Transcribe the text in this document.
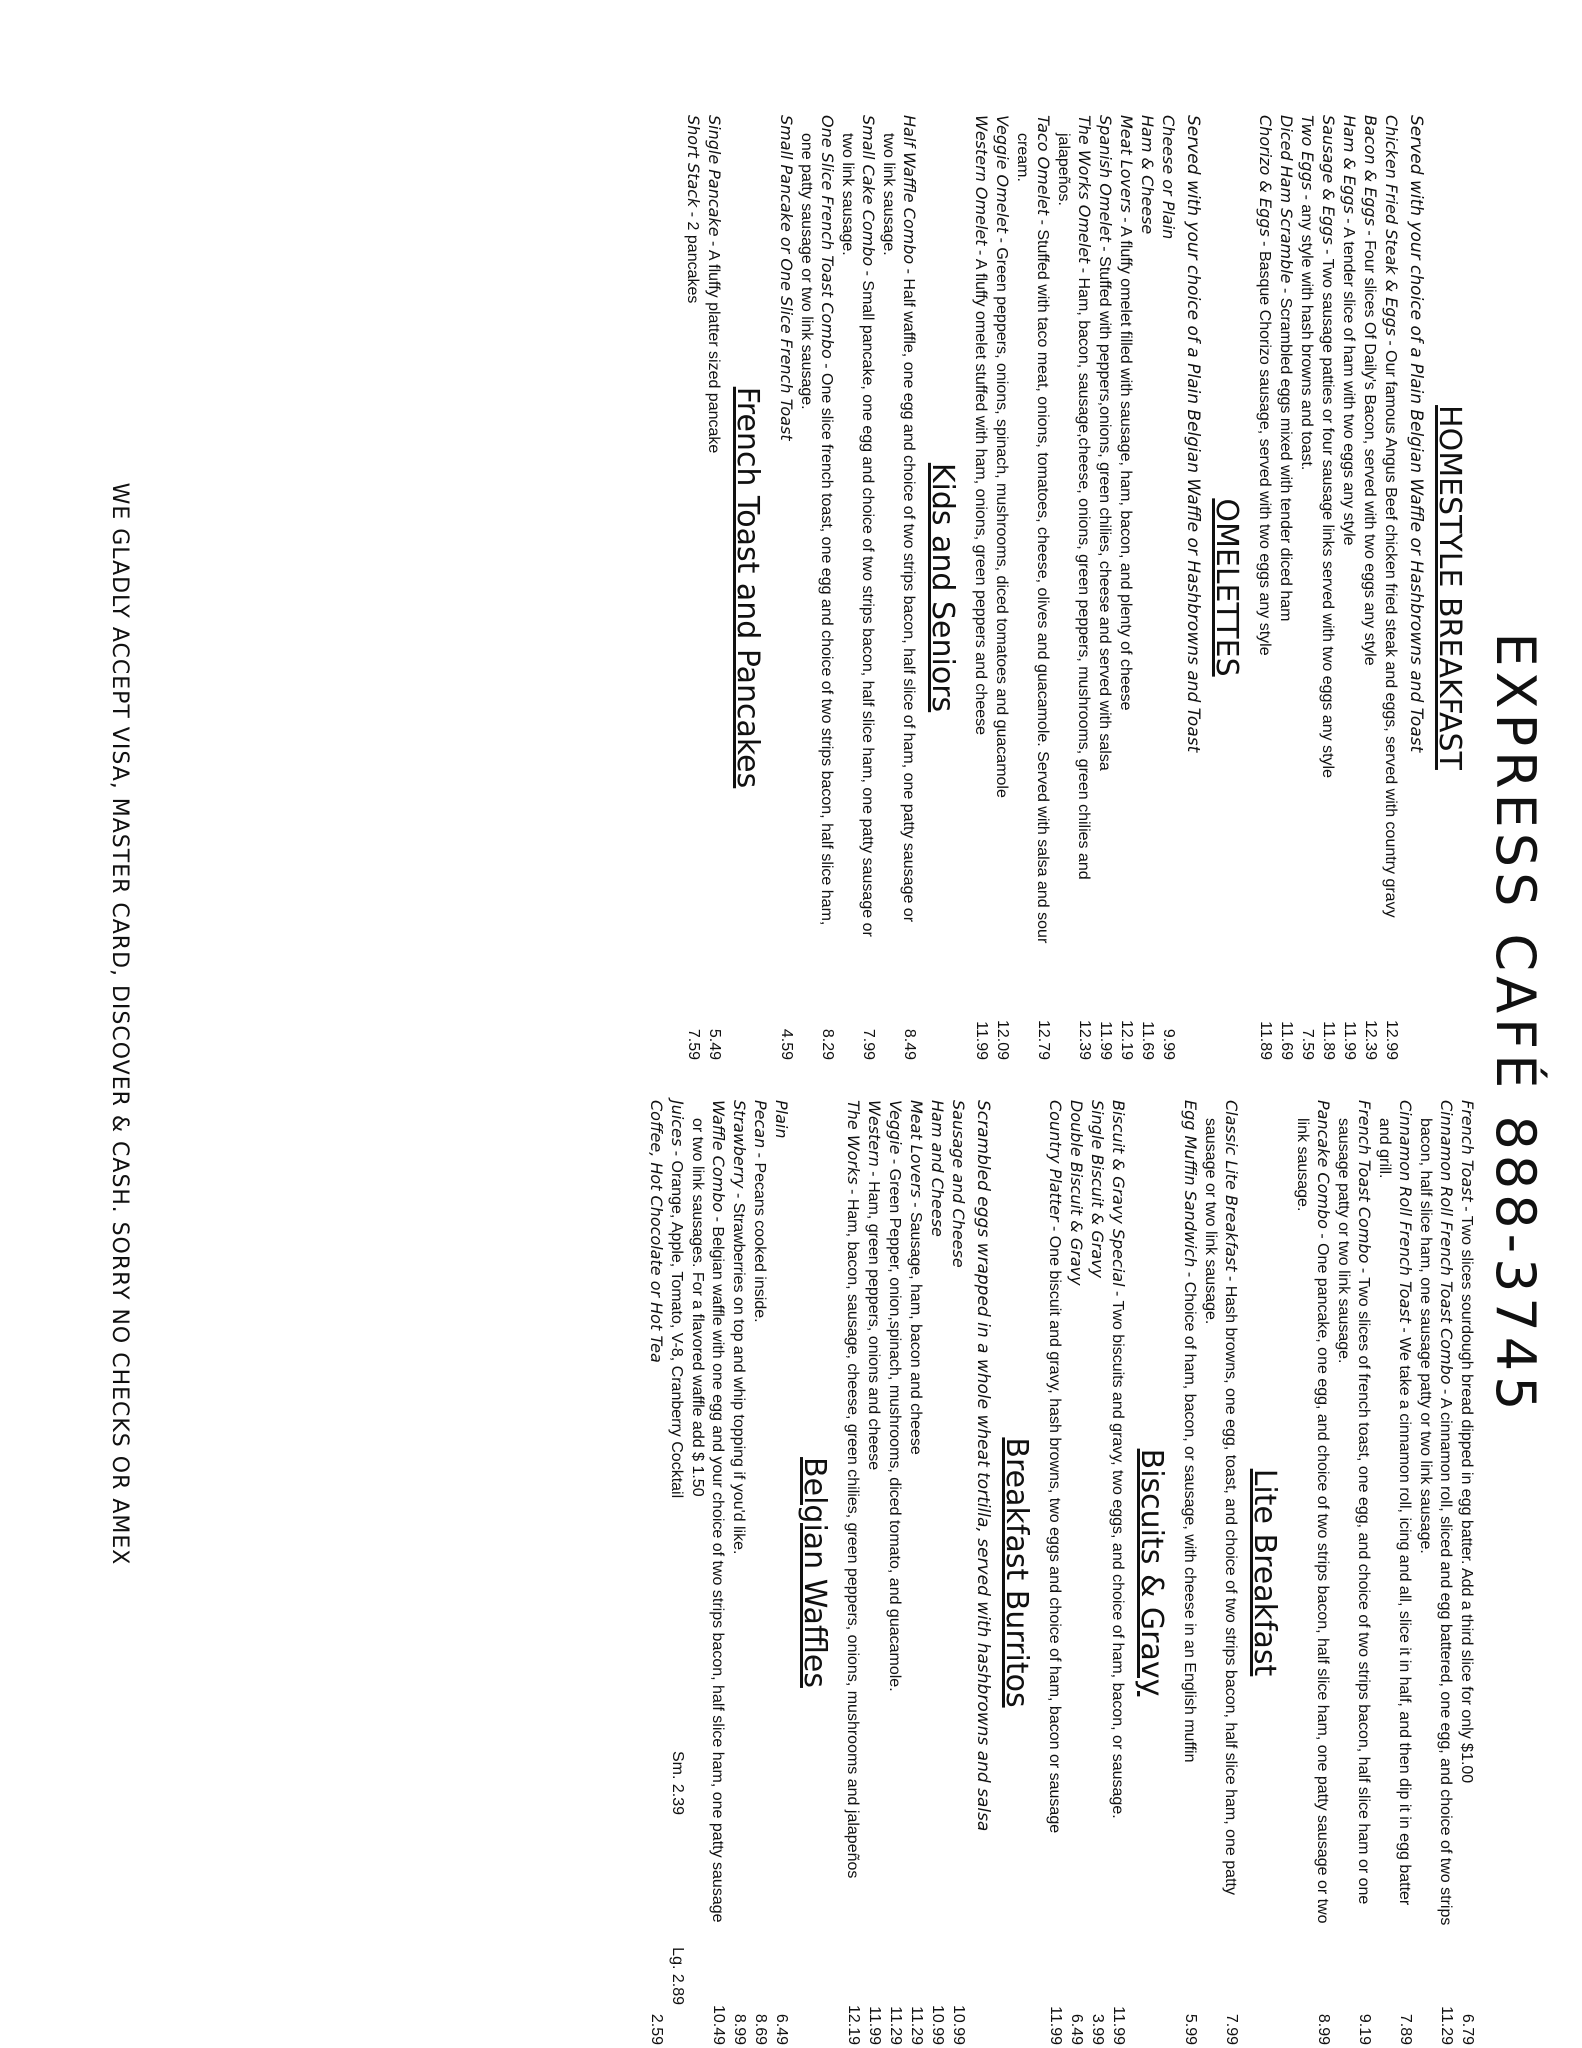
EXPRESS CAFÉ 888-3745
HOMESTYLE BREAKFAST
Served with your choice of a Plain Belgian Waffle or Hashbrowns and Toast
Chicken Fried Steak & Eggs - Our famous Angus Beef chicken fried steak and eggs, served with country gravy
12.99
Bacon & Eggs - Four slices Of Daily's Bacon, served with two eggs any style
12.39
Ham & Eggs - A tender slice of ham with two eggs any style
11.99
Sausage & Eggs - Two sausage patties or four sausage links served with two eggs any style
11.89
Two Eggs - any style with hash browns and toast.
7.59
Diced Ham Scramble - Scrambled eggs mixed with tender diced ham
11.69
Chorizo & Eggs - Basque Chorizo sausage, served with two eggs any style
11.89
OMELETTES
Served with your choice of a Plain Belgian Waffle or Hashbrowns and Toast
Cheese or Plain
9.99
Ham & Cheese
11.69
Meat Lovers - A fluffy omelet filled with sausage, ham, bacon, and plenty of cheese
12.19
Spanish Omelet - Stuffed with peppers,onions, green chilies, cheese and served with salsa
11.99
The Works Omelet - Ham, bacon, sausage,cheese, onions, green peppers, mushrooms, green chilies and jalapeños.
12.39
Taco Omelet - Stuffed with taco meat, onions, tomatoes, cheese, olives and guacamole. Served with salsa and sour cream.
12.79
Veggie Omelet - Green peppers, onions, spinach, mushrooms, diced tomatoes and guacamole
12.09
Western Omelet - A fluffy omelet stuffed with ham, onions, green peppers and cheese
11.99
Kids and Seniors
Half Waffle Combo - Half waffle, one egg and choice of two strips bacon, half slice of ham, one patty sausage or two link sausage.
8.49
Small Cake Combo - Small pancake, one egg and choice of two strips bacon, half slice ham, one patty sausage or two link sausage.
7.99
One Slice French Toast Combo - One slice french toast, one egg and choice of two strips bacon, half slice ham, one patty sausage or two link sausage.
8.29
Small Pancake or One Slice French Toast
4.59
French Toast and Pancakes
Single Pancake - A fluffy platter sized pancake
5.49
Short Stack - 2 pancakes
7.59
French Toast - Two slices sourdough bread dipped in egg batter. Add a third slice for only $1.00
6.79
Cinnamon Roll French Toast Combo - A cinnamon roll, sliced and egg battered, one egg, and choice of two strips bacon, half slice ham, one sausage patty or two link sausage.
11.29
Cinnamon Roll French Toast - We take a cinnamon roll, icing and all, slice it in half, and then dip it in egg batter and grill.
7.89
French Toast Combo - Two slices of french toast, one egg, and choice of two strips bacon, half slice ham or one sausage patty or two link sausage.
9.19
Pancake Combo - One pancake, one egg, and choice of two strips bacon, half slice ham, one patty sausage or two link sausage.
8.99
Lite Breakfast
Classic Lite Breakfast - Hash browns, one egg, toast, and choice of two strips bacon, half slice ham, one patty sausage or two link sausage.
7.99
Egg Muffin Sandwich - Choice of ham, bacon, or sausage, with cheese in an English muffin
5.99
Biscuits & Gravy
Biscuit & Gravy Special - Two biscuits and gravy, two eggs, and choice of ham, bacon, or sausage.
11.99
Single Biscuit & Gravy
3.99
Double Biscuit & Gravy
6.49
Country Platter - One biscuit and gravy, hash browns, two eggs and choice of ham, bacon or sausage
11.99
Breakfast Burritos
Scrambled eggs wrapped in a whole wheat tortilla, served with hashbrowns and salsa
Sausage and Cheese
10.99
Ham and Cheese
10.99
Meat Lovers - Sausage, ham, bacon and cheese
11.29
Veggie - Green Pepper, onion,spinach, mushrooms, diced tomato, and guacamole.
11.29
Western - Ham, green peppers, onions and cheese
11.99
The Works - Ham, bacon, sausage, cheese, green chilies, green peppers, onions, mushrooms and jalapeños
12.19
Belgian Waffles
Plain
6.49
Pecan - Pecans cooked inside.
8.69
Strawberry - Strawberries on top and whip topping if you'd like.
8.99
Waffle Combo - Belgian waffle with one egg and your choice of two strips bacon, half slice ham, one patty sausage or two link sausages. For a flavored waffle add $ 1.50
10.49
Juices - Orange, Apple, Tomato, V-8, Cranberry Cocktail
Sm. 2.39
Lg. 2.89
Coffee, Hot Chocolate or Hot Tea
2.59
WE GLADLY ACCEPT VISA, MASTER CARD, DISCOVER & CASH. SORRY NO CHECKS OR AMEX
